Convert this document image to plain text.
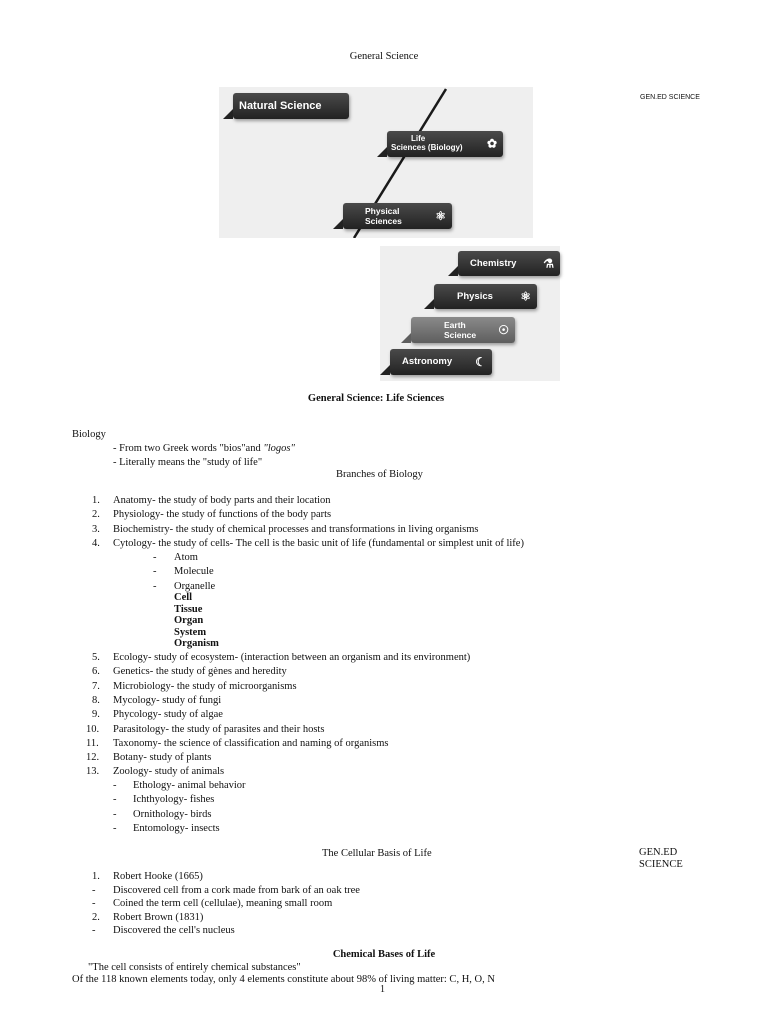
General Science
GEN.ED SCIENCE
Natural Science
Life
Sciences (Biology)	✿
Physical
Sciences	⚛
Chemistry ⚗
Physics ⚛
Earth
Science	☉
Astronomy ☾
General Science: Life Sciences
Biology
- From two Greek words "bios"and "logos"
- Literally means the "study of life"
Branches of Biology
1. Anatomy- the study of body parts and their location
2. Physiology- the study of functions of the body parts
3. Biochemistry- the study of chemical processes and transformations in living organisms
4. Cytology- the study of cells- The cell is the basic unit of life (fundamental or simplest unit of life)
- Atom
- Molecule
- Organelle
Cell
Tissue
Organ
System
Organism
5. Ecology- study of ecosystem- (interaction between an organism and its environment)
6. Genetics- the study of gènes and heredity
7. Microbiology- the study of microorganisms
8. Mycology- study of fungi
9. Phycology- study of algae
10. Parasitology- the study of parasites and their hosts
11. Taxonomy- the science of classification and naming of organisms
12. Botany- study of plants
13. Zoology- study of animals
- Ethology- animal behavior
- Ichthyology- fishes
- Ornithology- birds
- Entomology- insects
The Cellular Basis of Life	GEN.ED
SCIENCE
1. Robert Hooke (1665)
- Discovered cell from a cork made from bark of an oak tree
- Coined the term cell (cellulae), meaning small room
2. Robert Brown (1831)
- Discovered the cell's nucleus
Chemical Bases of Life
"The cell consists of entirely chemical substances"
Of the 118 known elements today, only 4 elements constitute about 98% of living matter: C, H, O, N
1
